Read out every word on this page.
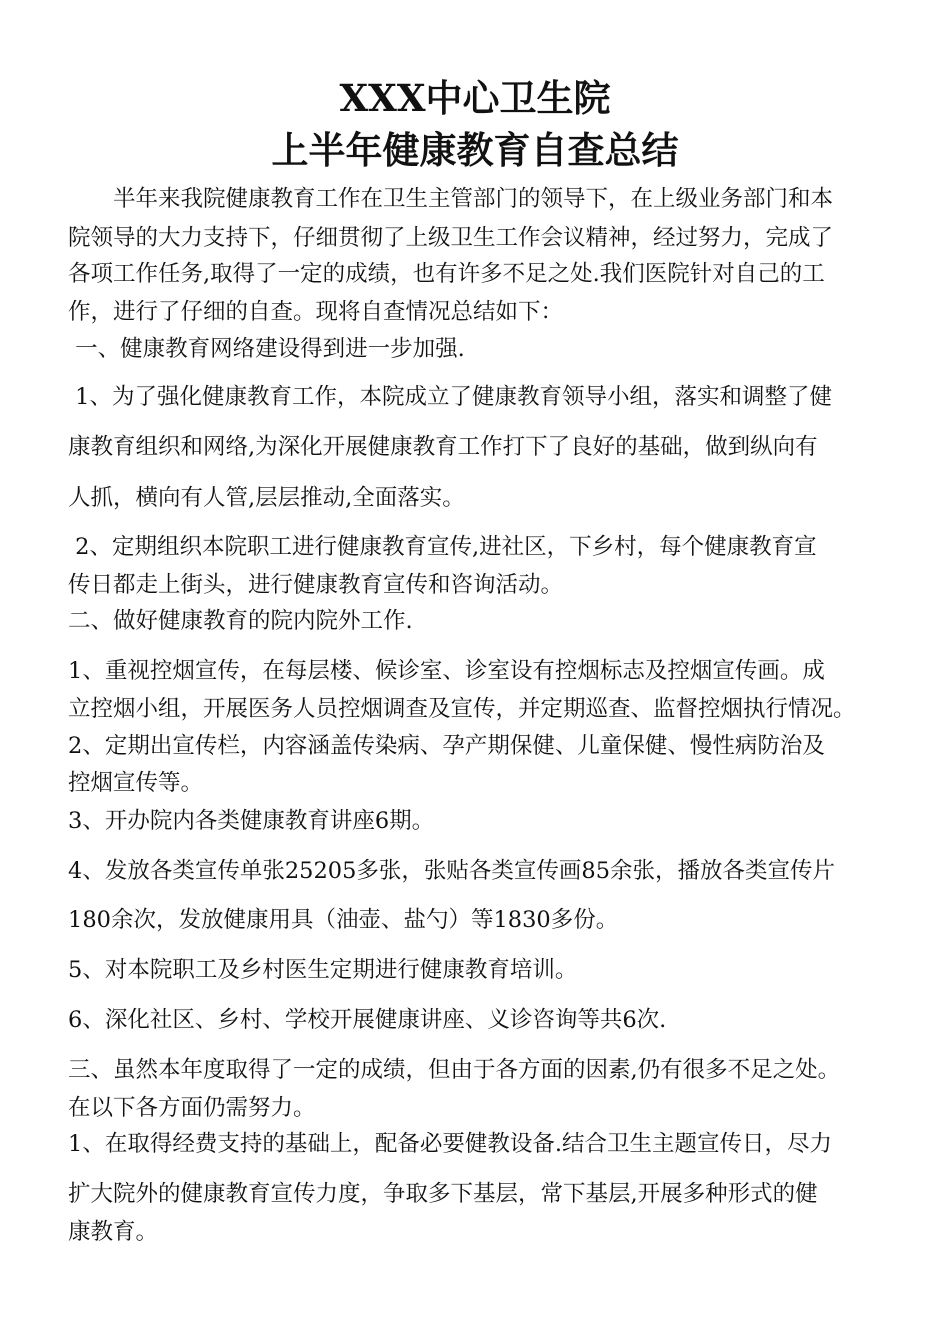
XXX中心卫生院
上半年健康教育自查总结

半年来我院健康教育工作在卫生主管部门的领导下，在上级业务部门和本

院领导的大力支持下，仔细贯彻了上级卫生工作会议精神，经过努力，完成了

各项工作任务,取得了一定的成绩，也有许多不足之处.我们医院针对自己的工

作，进行了仔细的自查。现将自查情况总结如下：

一、健康教育网络建设得到进一步加强.

1、为了强化健康教育工作，本院成立了健康教育领导小组，落实和调整了健

康教育组织和网络,为深化开展健康教育工作打下了良好的基础，做到纵向有

人抓，横向有人管,层层推动,全面落实。

2、定期组织本院职工进行健康教育宣传,进社区，下乡村，每个健康教育宣

传日都走上街头，进行健康教育宣传和咨询活动。

二、做好健康教育的院内院外工作.

1、重视控烟宣传，在每层楼、候诊室、诊室设有控烟标志及控烟宣传画。成

立控烟小组，开展医务人员控烟调查及宣传，并定期巡查、监督控烟执行情况。

2、定期出宣传栏，内容涵盖传染病、孕产期保健、儿童保健、慢性病防治及

控烟宣传等。

3、开办院内各类健康教育讲座6期。

4、发放各类宣传单张25205多张，张贴各类宣传画85余张，播放各类宣传片

180余次，发放健康用具（油壶、盐勺）等1830多份。

5、对本院职工及乡村医生定期进行健康教育培训。

6、深化社区、乡村、学校开展健康讲座、义诊咨询等共6次.

三、虽然本年度取得了一定的成绩，但由于各方面的因素,仍有很多不足之处。

在以下各方面仍需努力。

1、在取得经费支持的基础上，配备必要健教设备.结合卫生主题宣传日，尽力

扩大院外的健康教育宣传力度，争取多下基层，常下基层,开展多种形式的健

康教育。
